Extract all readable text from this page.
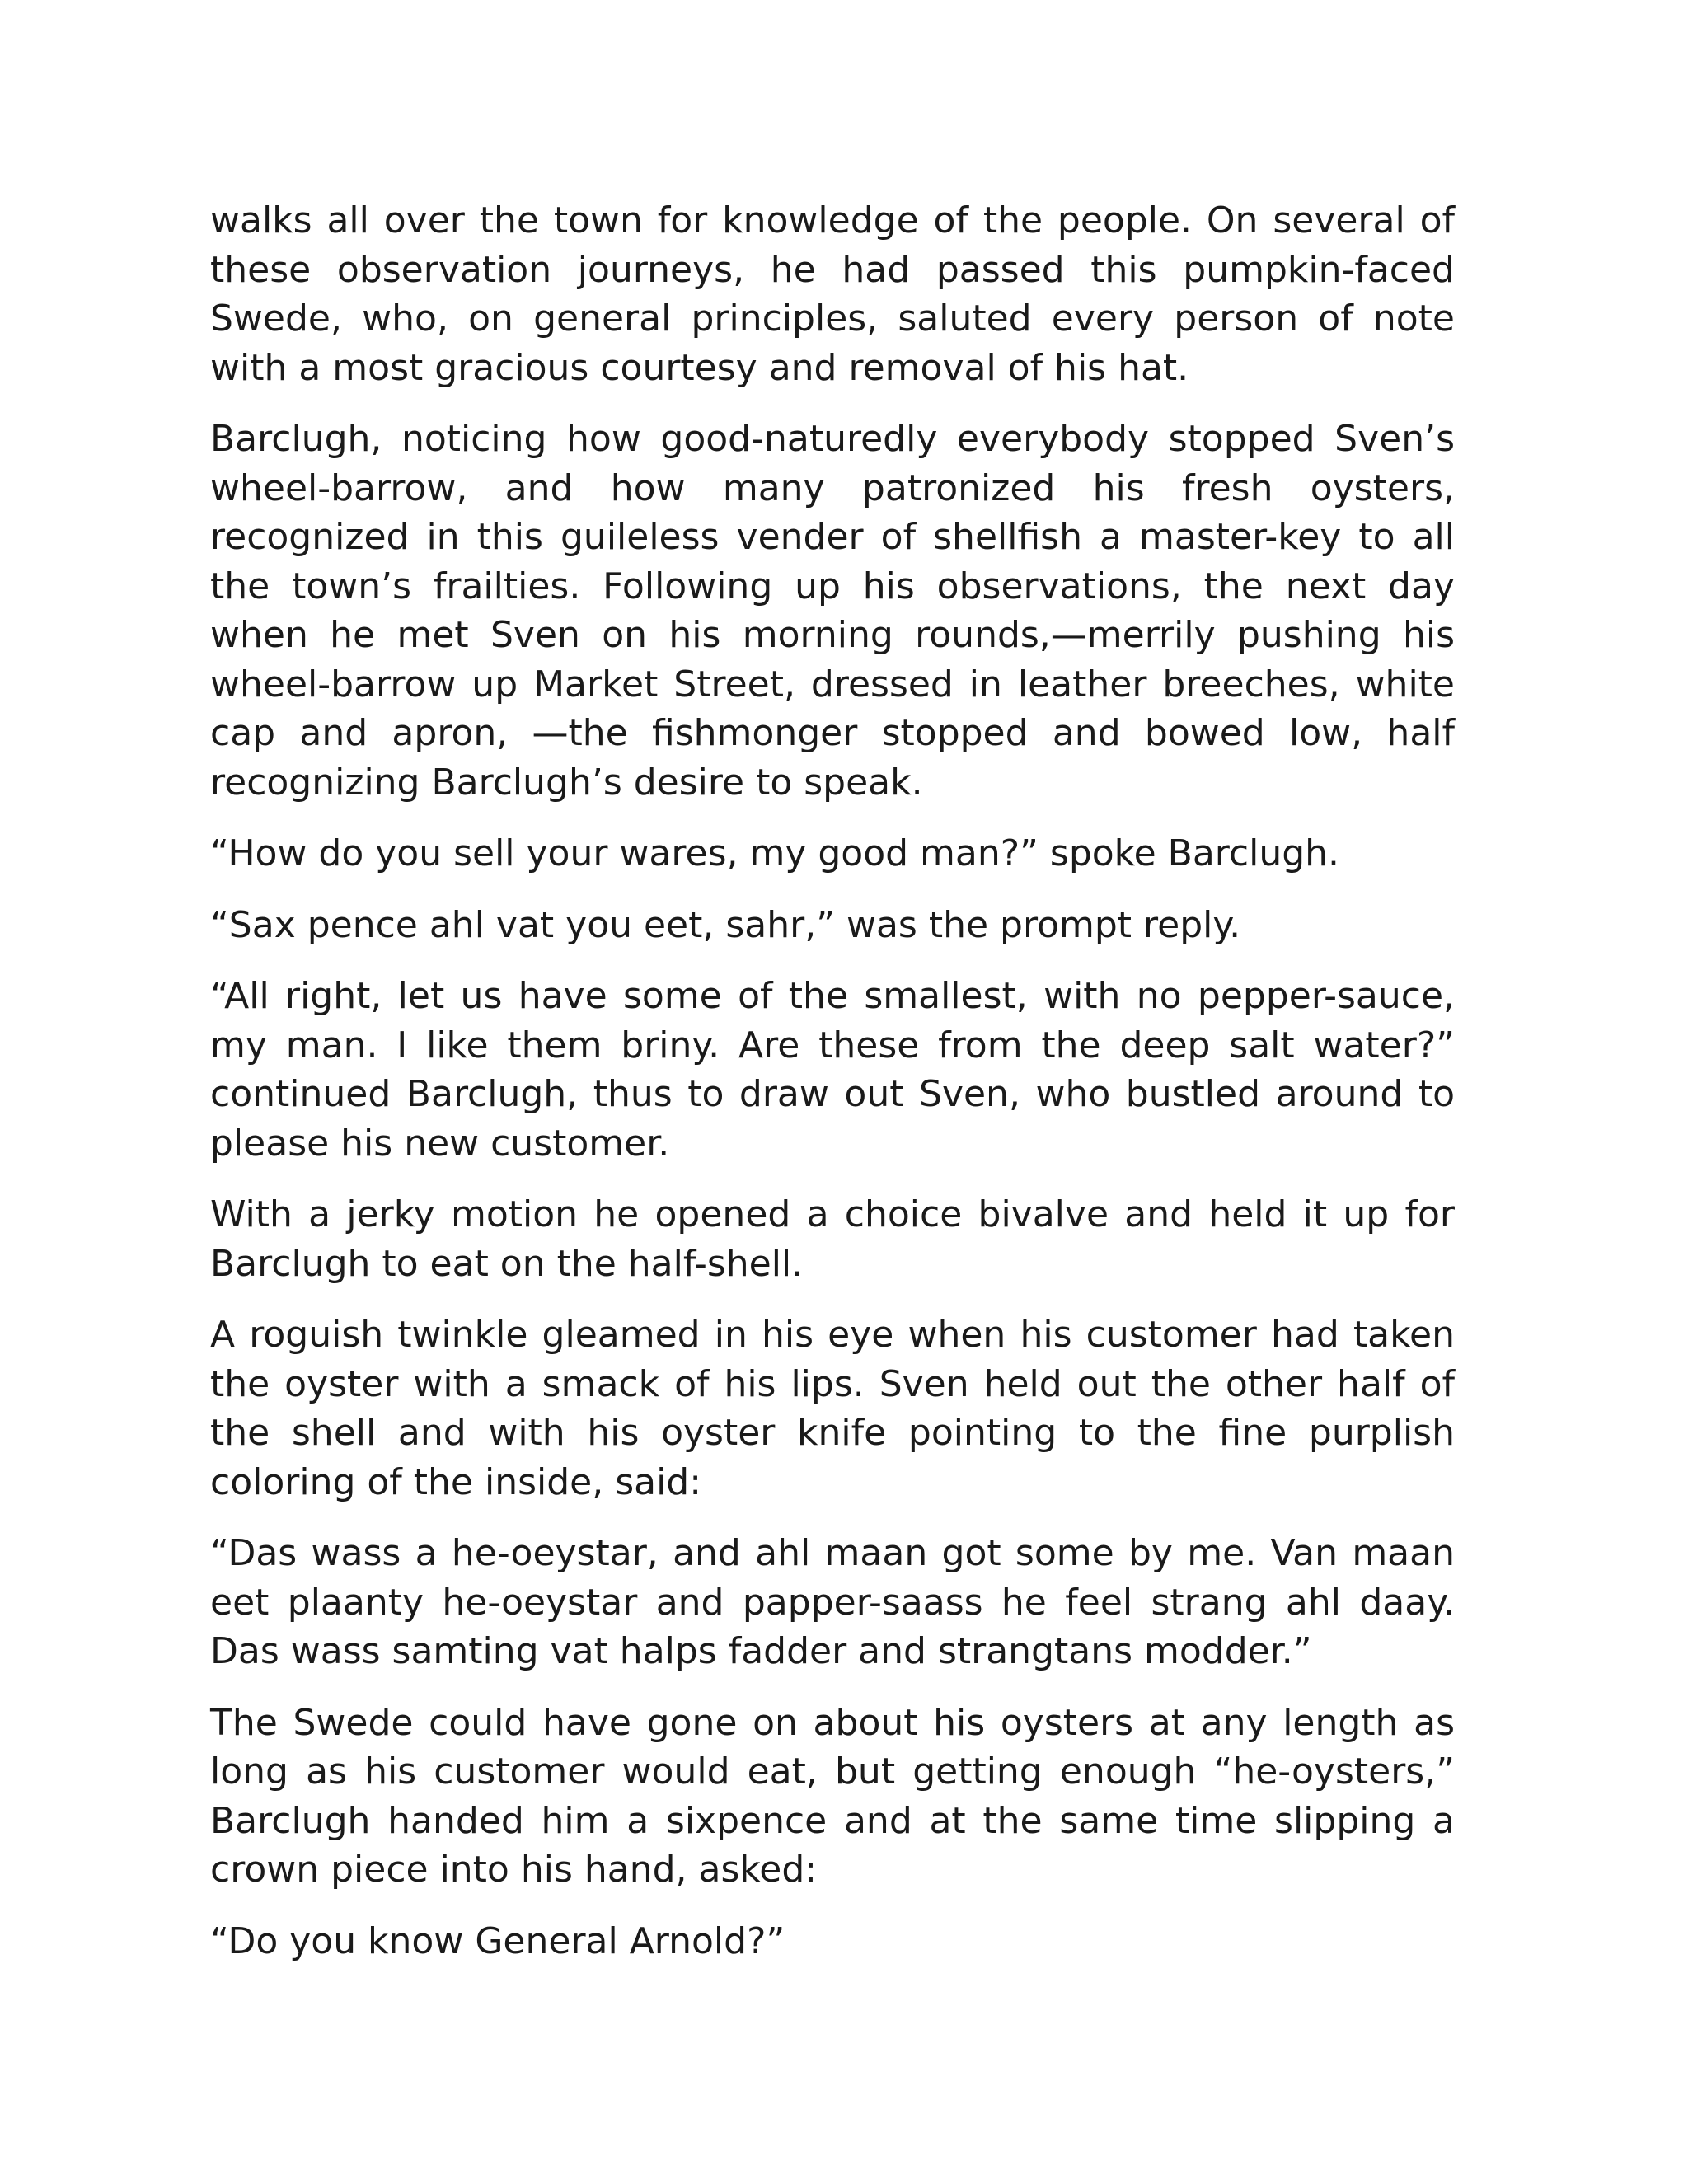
walks all over the town for knowledge of the people. On several of these observation journeys, he had passed this pumpkin-faced Swede, who, on general principles, saluted every person of note with a most gracious courtesy and removal of his hat.

Barclugh, noticing how good-naturedly everybody stopped Sven’s wheel-barrow, and how many patronized his fresh oysters, recognized in this guileless vender of shellfish a master-key to all the town’s frailties. Following up his observations, the next day when he met Sven on his morning rounds,—merrily pushing his wheel-barrow up Market Street, dressed in leather breeches, white cap and apron, —the fishmonger stopped and bowed low, half recognizing Barclugh’s desire to speak.

“How do you sell your wares, my good man?” spoke Barclugh.

“Sax pence ahl vat you eet, sahr,” was the prompt reply.

“All right, let us have some of the smallest, with no pepper-sauce, my man. I like them briny. Are these from the deep salt water?” continued Barclugh, thus to draw out Sven, who bustled around to please his new customer.

With a jerky motion he opened a choice bivalve and held it up for Barclugh to eat on the half-shell.

A roguish twinkle gleamed in his eye when his customer had taken the oyster with a smack of his lips. Sven held out the other half of the shell and with his oyster knife pointing to the fine purplish coloring of the inside, said:

“Das wass a he-oeystar, and ahl maan got some by me. Van maan eet plaanty he-oeystar and papper-saass he feel strang ahl daay. Das wass samting vat halps fadder and strangtans modder.”

The Swede could have gone on about his oysters at any length as long as his customer would eat, but getting enough “he-oysters,” Barclugh handed him a sixpence and at the same time slipping a crown piece into his hand, asked:

“Do you know General Arnold?”
